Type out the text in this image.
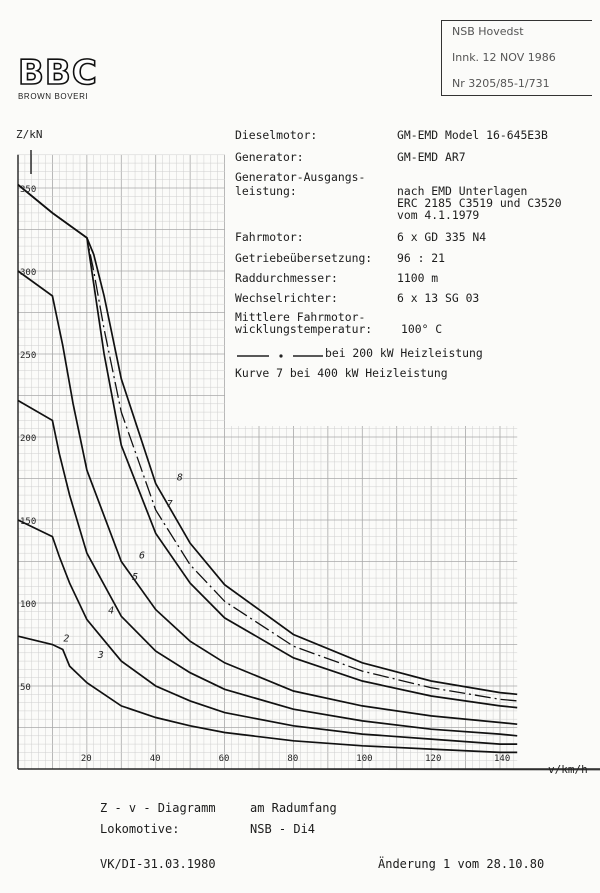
BBC
BROWN BOVERI
NSB Hovedst
Innk. 12 NOV 1986
Nr 3205/85-1/731
Z/kN
v/km/h
50
100
150
200
250
300
350
20	40	60	80	100	120	140
2
3
4
5
6
7
8
Dieselmotor:	GM-EMD Model 16-645E3B
Generator:	GM-EMD AR7
Generator-Ausgangs-
leistung:	nach EMD Unterlagen
ERC 2185 C3519 und C3520
vom 4.1.1979
Fahrmotor:	6 x GD 335 N4
Getriebeübersetzung: 96 : 21
Raddurchmesser:	1100 m
Wechselrichter:	6 x 13 SG 03
Mittlere Fahrmotor-
wicklungstemperatur:	100° C
bei 200 kW Heizleistung
Kurve 7 bei 400 kW Heizleistung
Z - v - Diagramm	am Radumfang
Lokomotive:	NSB - Di4
VK/DI-31.03.1980	Änderung 1 vom 28.10.80
